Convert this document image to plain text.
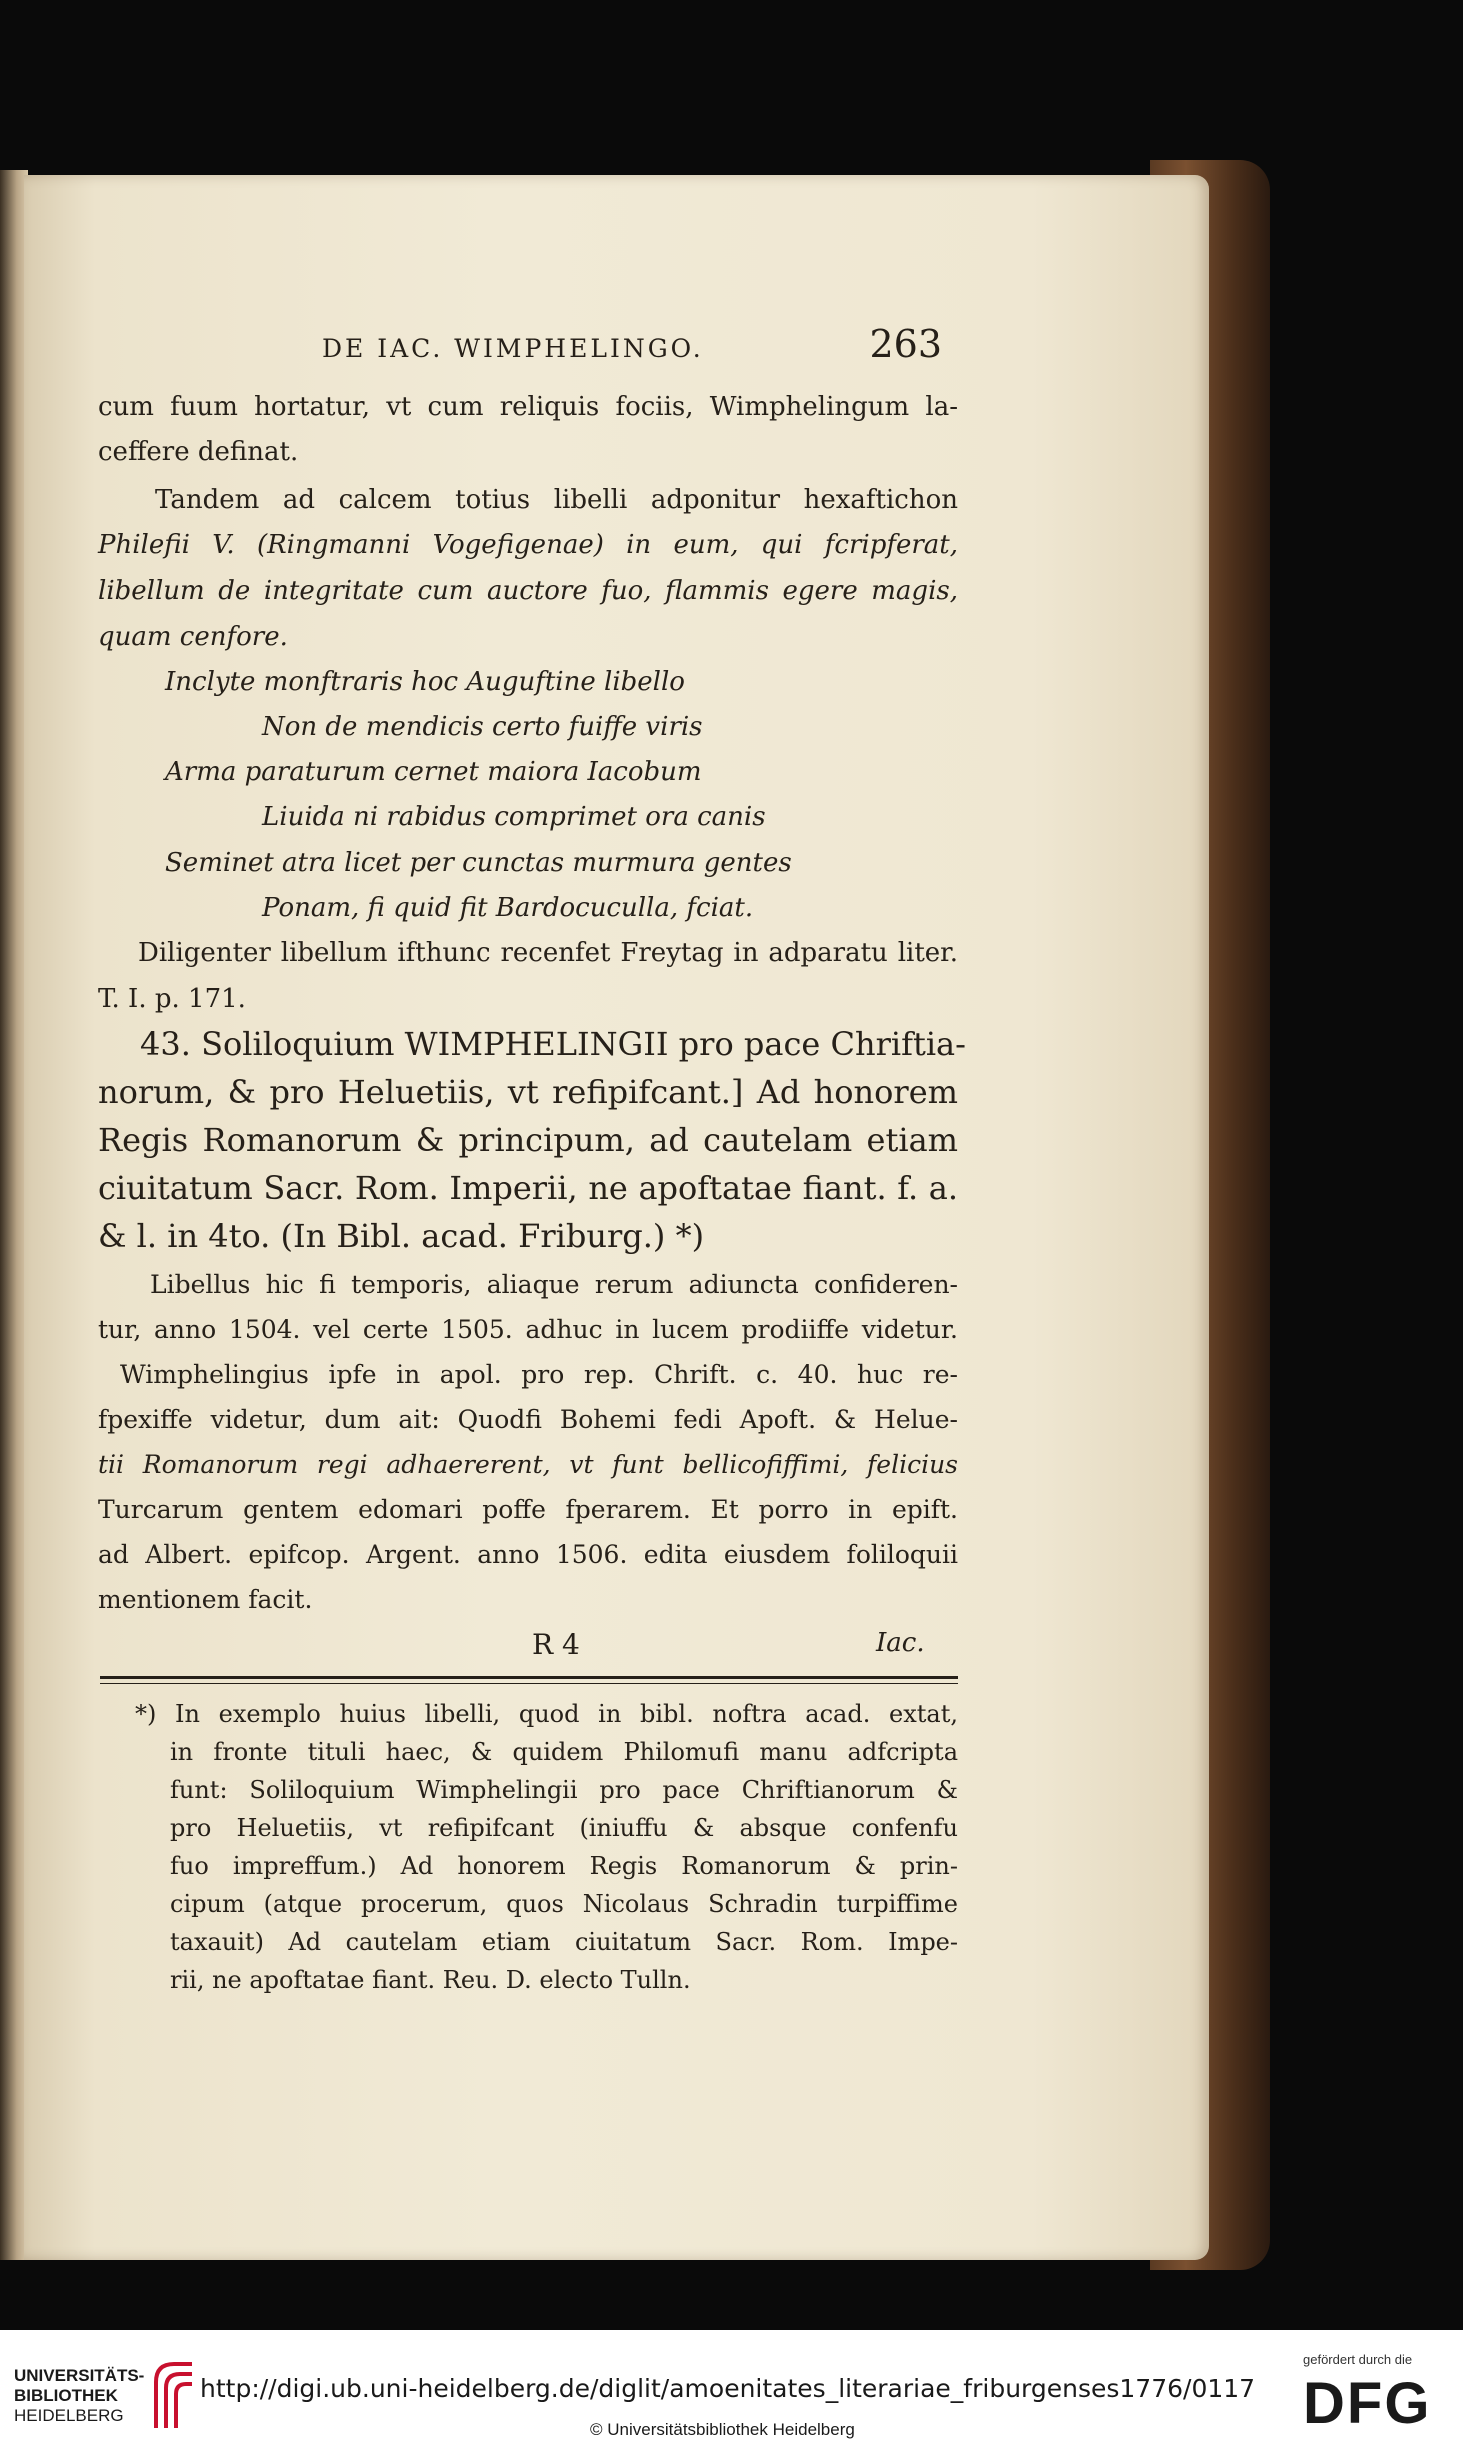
DE IAC. WIMPHELINGO.	263
cum fuum hortatur, vt cum reliquis fociis, Wimphelingum la-
ceffere definat.
Tandem ad calcem totius libelli adponitur hexaftichon
Philefii V. (Ringmanni Vogefigenae) in eum, qui fcripferat,
libellum de integritate cum auctore fuo, flammis egere magis,
quam cenfore.
Inclyte monftraris hoc Auguftine libello
Non de mendicis certo fuiffe viris
Arma paraturum cernet maiora Iacobum
Liuida ni rabidus comprimet ora canis
Seminet atra licet per cunctas murmura gentes
Ponam, fi quid fit Bardocuculla, fciat.
Diligenter libellum ifthunc recenfet Freytag in adparatu liter.
T. I. p. 171.
43. Soliloquium WIMPHELINGII pro pace Chriftia-
norum, & pro Heluetiis, vt refipifcant.] Ad honorem
Regis Romanorum & principum, ad cautelam etiam
ciuitatum Sacr. Rom. Imperii, ne apoftatae fiant. f. a.
& l. in 4to. (In Bibl. acad. Friburg.) *)
Libellus hic fi temporis, aliaque rerum adiuncta confideren-
tur, anno 1504. vel certe 1505. adhuc in lucem prodiiffe videtur.
Wimphelingius ipfe in apol. pro rep. Chrift. c. 40. huc re-
fpexiffe videtur, dum ait: Quodfi Bohemi fedi Apoft. & Helue-
tii Romanorum regi adhaererent, vt funt bellicofiffimi, felicius
Turcarum gentem edomari poffe fperarem. Et porro in epift.
ad Albert. epifcop. Argent. anno 1506. edita eiusdem foliloquii
mentionem facit.
R 4	Iac.
*) In exemplo huius libelli, quod in bibl. noftra acad. extat,
in fronte tituli haec, & quidem Philomufi manu adfcripta
funt: Soliloquium Wimphelingii pro pace Chriftianorum &
pro Heluetiis, vt refipifcant (iniuffu & absque confenfu
fuo impreffum.) Ad honorem Regis Romanorum & prin-
cipum (atque procerum, quos Nicolaus Schradin turpiffime
taxauit) Ad cautelam etiam ciuitatum Sacr. Rom. Impe-
rii, ne apoftatae fiant. Reu. D. electo Tulln.
UNIVERSITÄTS-
BIBLIOTHEK
HEIDELBERG
http://digi.ub.uni-heidelberg.de/diglit/amoenitates_literariae_friburgenses1776/0117
© Universitätsbibliothek Heidelberg
gefördert durch die
DFG
